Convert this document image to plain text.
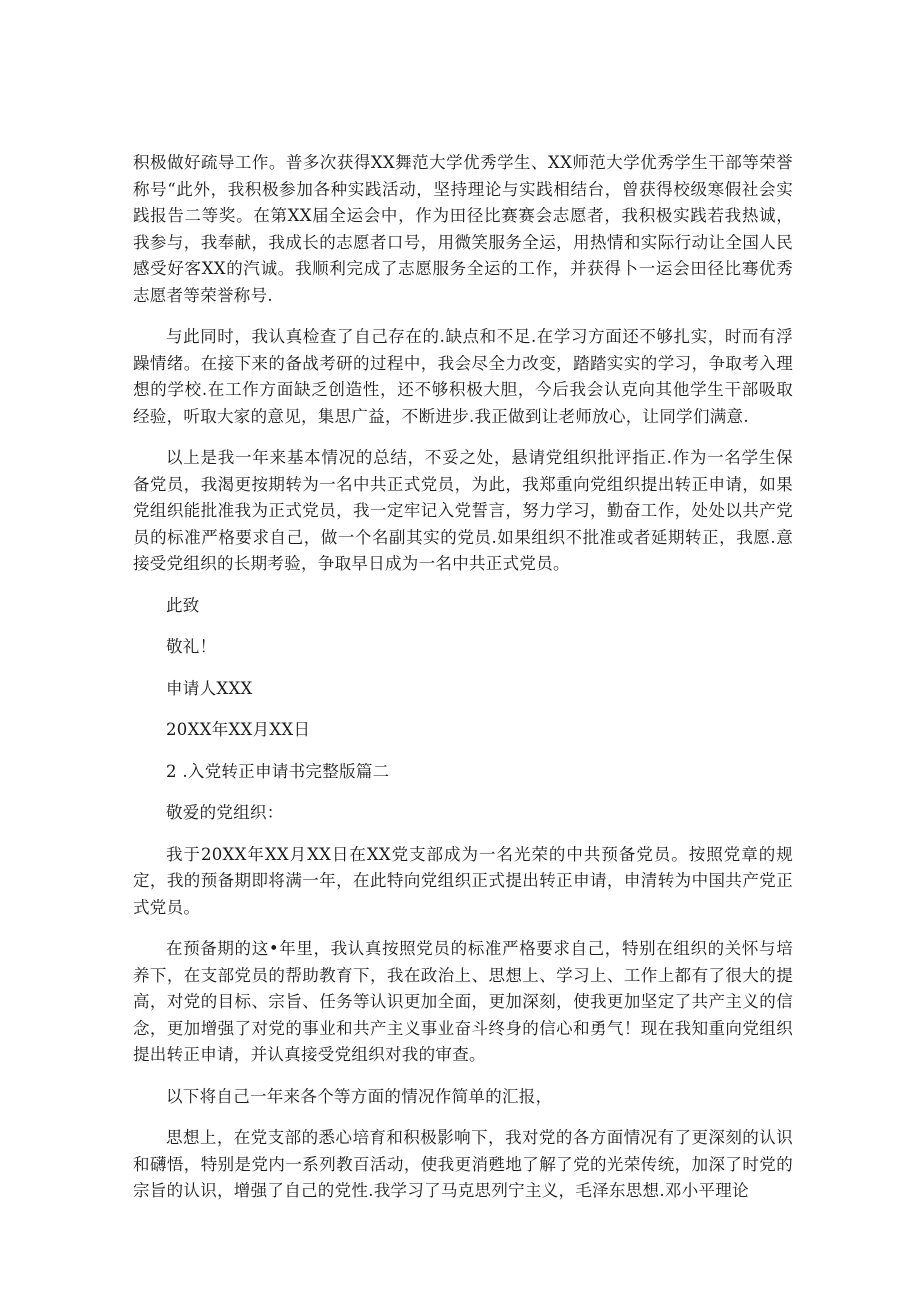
积极做好疏导工作。普多次获得XX舞范大学优秀学生、XX师范大学优秀学生干部等荣誉称号“此外，我积极参加各种实践活动，坚持理论与实践相结台，曾获得校级寒假社会实践报告二等奖。在第XX届全运会中，作为田径比赛赛会志愿者，我积极实践若我热诚，我参与，我奉献，我成长的志愿者口号，用微笑服务全运，用热情和实际行动让全国人民感受好客XX的汽诚。我顺利完成了志愿服务全运的工作，并获得卜一运会田径比骞优秀志愿者等荣誉称号.

与此同时，我认真检查了自己存在的.缺点和不足.在学习方面还不够扎实，时而有浮躁情绪。在接下来的备战考研的过程中，我会尽全力改变，踏踏实实的学习，争取考入理想的学校.在工作方面缺乏创造性，还不够积极大胆，今后我会认克向其他学生干部吸取经验，听取大家的意见，集思广益，不断进步.我正做到让老师放心，让同学们满意.

以上是我一年来基本情况的总结，不妥之处，悬请党组织批评指正.作为一名学生保备党员，我渴更按期转为一名中共正式党员，为此，我郑重向党组织提出转正申请，如果党组织能批准我为正式党员，我一定牢记入党誓言，努力学习，勤奋工作，处处以共产党员的标准严格要求自己，做一个名副其实的党员.如果组织不批准或者延期转正，我愿.意接受党组织的长期考验，争取早日成为一名中共正式党员。

此致
敬礼！
申请人XXX
20XX年XX月XX日
2 .入党转正申请书完整版篇二
敬爱的党组织：

我于20XX年XX月XX日在XX党支部成为一名光荣的中共预备党员。按照党章的规定，我的预备期即将满一年，在此特向党组织正式提出转正申请，申清转为中国共产党正式党员。

在预备期的这•年里，我认真按照党员的标准严格要求自己，特别在组织的关怀与培养下，在支部党员的帮助教育下，我在政治上、思想上、学习上、工作上都有了很大的提高，对党的目标、宗旨、任务等认识更加全面，更加深刻，使我更加坚定了共产主义的信念，更加增强了对党的事业和共产主义事业奋斗终身的信心和勇气！现在我知重向党组织提出转正申请，并认真接受党组织对我的审查。

以下将自己一年来各个等方面的情况作简单的汇报，

思想上，在党支部的悉心培育和积极影响下，我对党的各方面情况有了更深刻的认识和礴悟，特别是党内一系列教百活动，使我更消甦地了解了党的光荣传统，加深了时党的宗旨的认识，增强了自己的党性.我学习了马克思列宁主义，毛泽东思想.邓小平理论
